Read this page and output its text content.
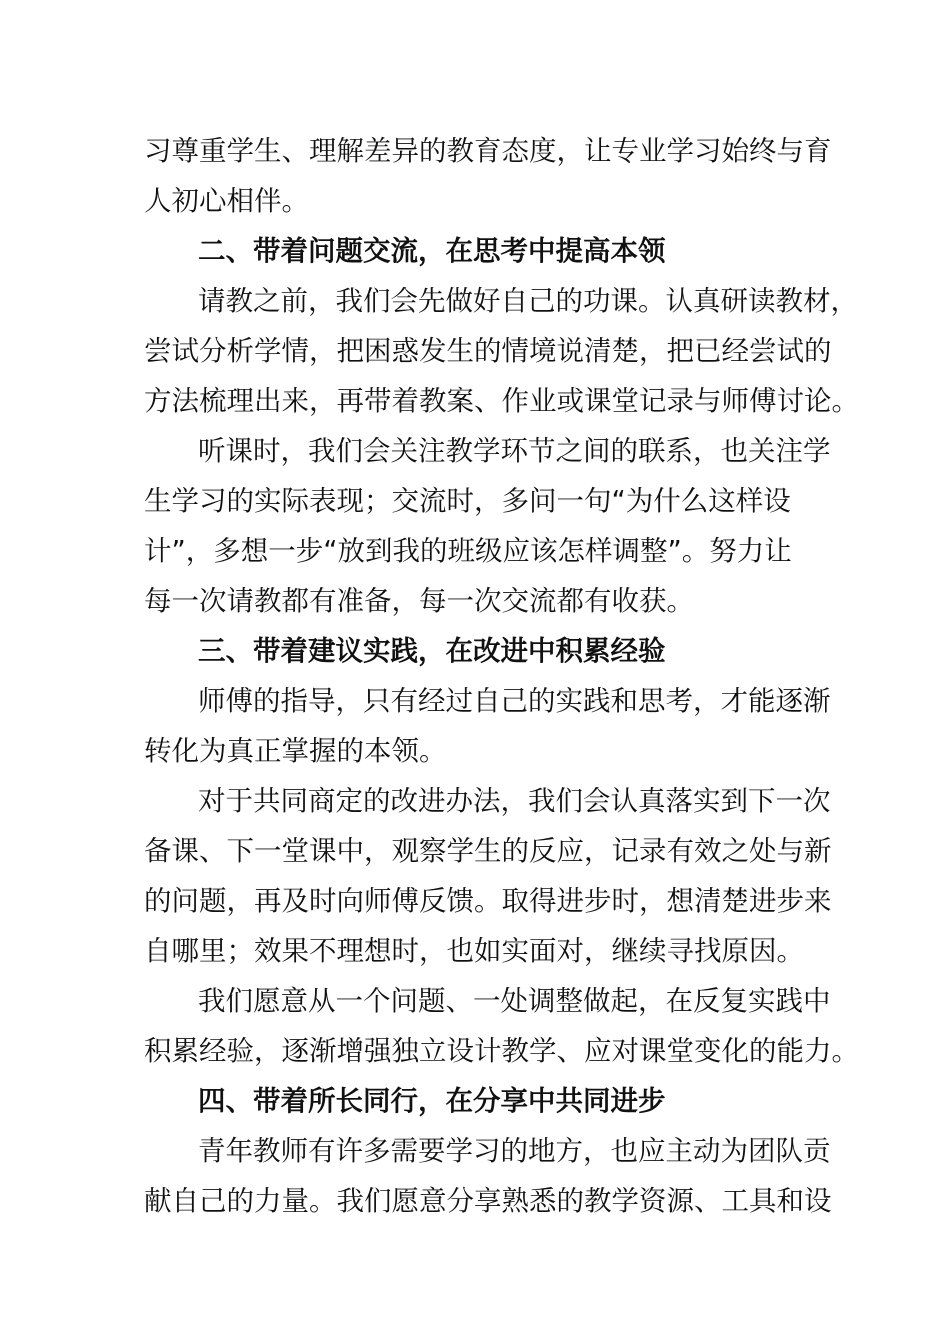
习尊重学生、理解差异的教育态度，让专业学习始终与育
人初心相伴。
二、带着问题交流，在思考中提高本领
请教之前，我们会先做好自己的功课。认真研读教材，
尝试分析学情，把困惑发生的情境说清楚，把已经尝试的
方法梳理出来，再带着教案、作业或课堂记录与师傅讨论。
听课时，我们会关注教学环节之间的联系，也关注学
生学习的实际表现；交流时，多问一句“为什么这样设
计”，多想一步“放到我的班级应该怎样调整”。努力让
每一次请教都有准备，每一次交流都有收获。
三、带着建议实践，在改进中积累经验
师傅的指导，只有经过自己的实践和思考，才能逐渐
转化为真正掌握的本领。
对于共同商定的改进办法，我们会认真落实到下一次
备课、下一堂课中，观察学生的反应，记录有效之处与新
的问题，再及时向师傅反馈。取得进步时，想清楚进步来
自哪里；效果不理想时，也如实面对，继续寻找原因。
我们愿意从一个问题、一处调整做起，在反复实践中
积累经验，逐渐增强独立设计教学、应对课堂变化的能力。
四、带着所长同行，在分享中共同进步
青年教师有许多需要学习的地方，也应主动为团队贡
献自己的力量。我们愿意分享熟悉的教学资源、工具和设
